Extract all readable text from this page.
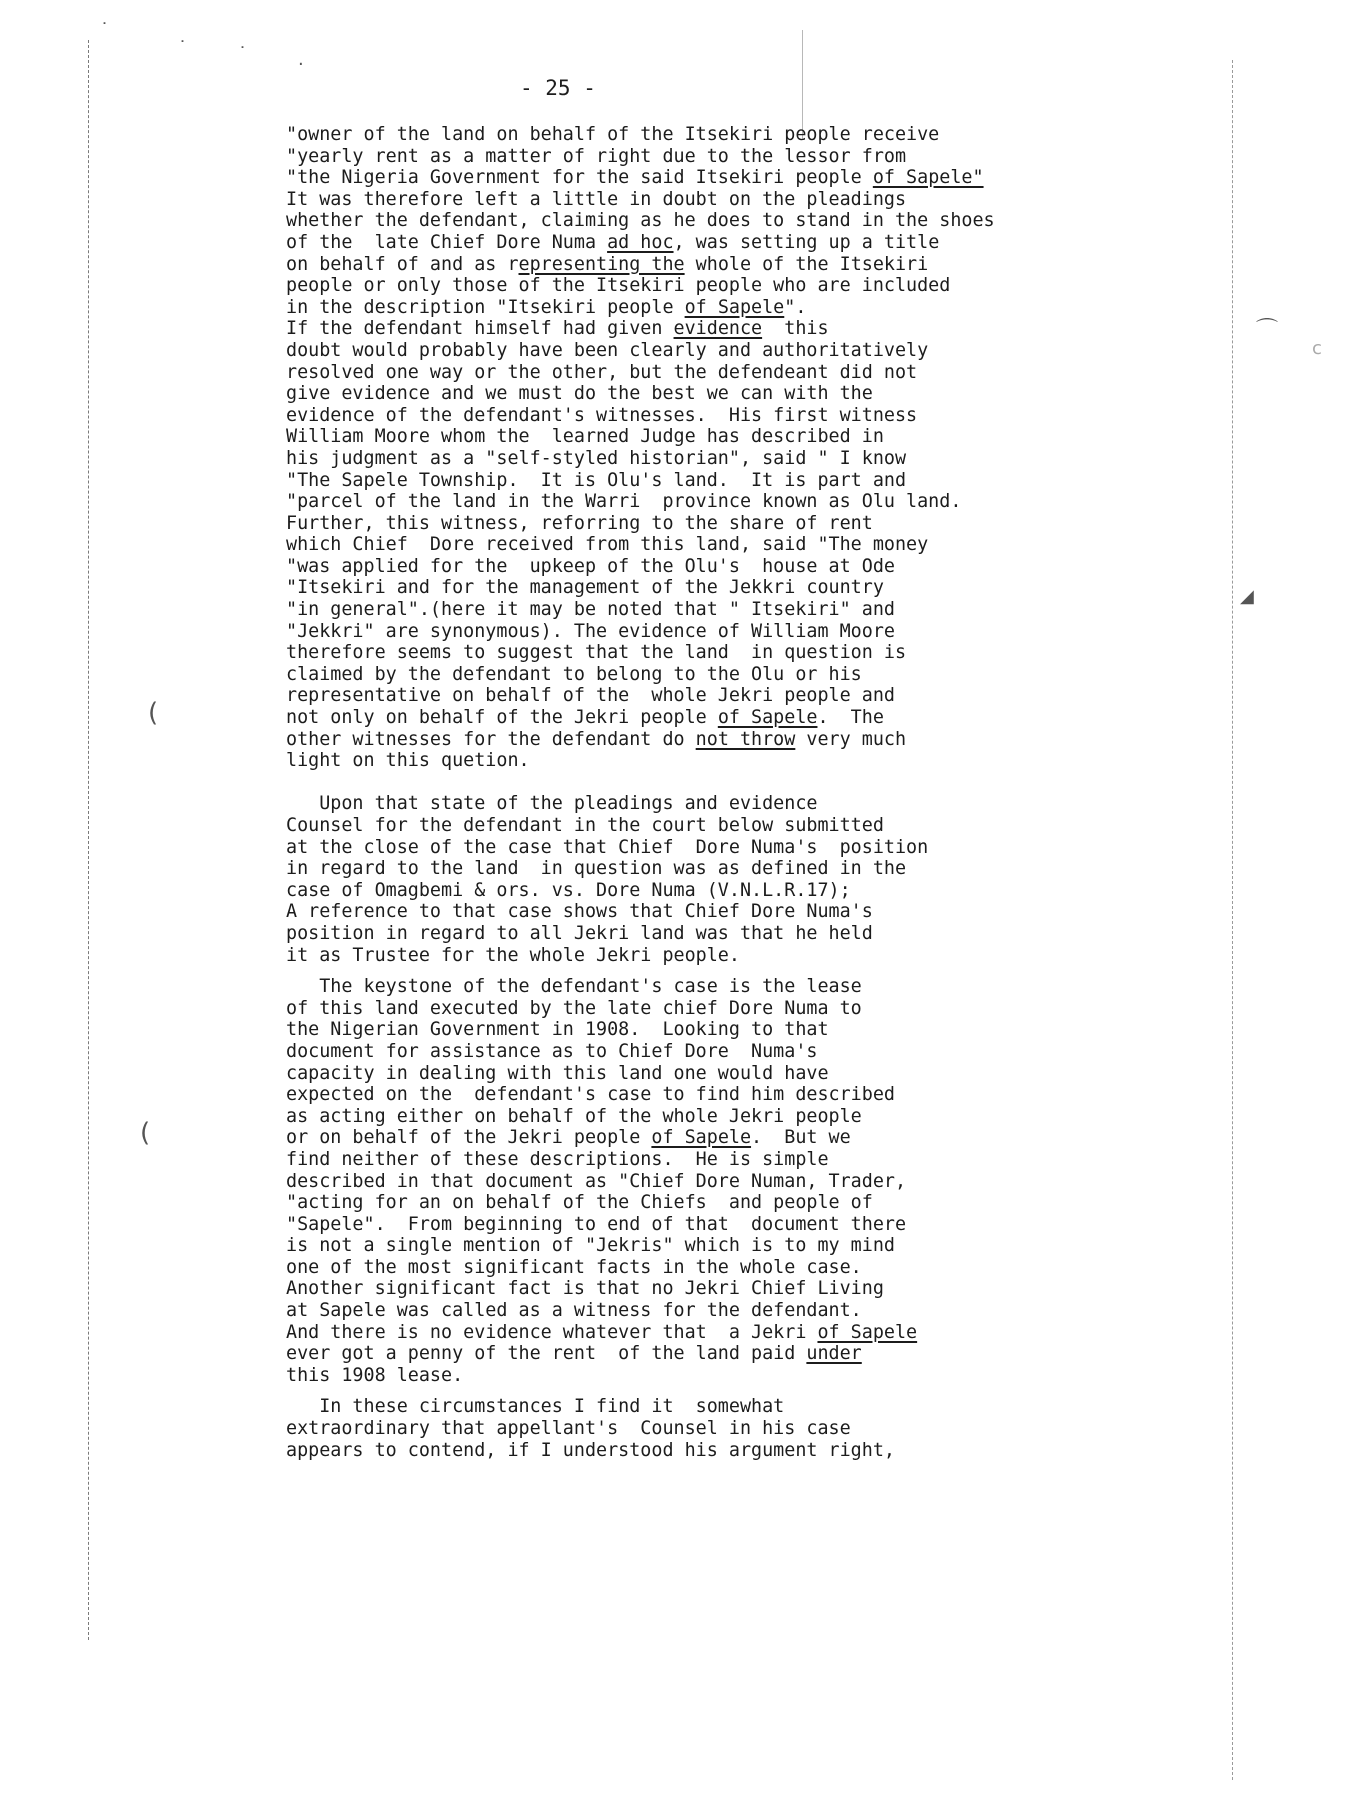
˙
˙	˙	·
(
(
⌒
◢
c
- 25 -
"owner of the land on behalf of the Itsekiri people receive
"yearly rent as a matter of right due to the lessor from
"the Nigeria Government for the said Itsekiri people of Sapele"
It was therefore left a little in doubt on the pleadings
whether the defendant, claiming as he does to stand in the shoes
of the  late Chief Dore Numa ad hoc, was setting up a title
on behalf of and as representing the whole of the Itsekiri
people or only those of the Itsekiri people who are included
in the description "Itsekiri people of Sapele".
If the defendant himself had given evidence  this
doubt would probably have been clearly and authoritatively
resolved one way or the other, but the defendeant did not
give evidence and we must do the best we can with the
evidence of the defendant's witnesses.  His first witness
William Moore whom the  learned Judge has described in
his judgment as a "self-styled historian", said " I know
"The Sapele Township.  It is Olu's land.  It is part and
"parcel of the land in the Warri  province known as Olu land.
Further, this witness, reforring to the share of rent
which Chief  Dore received from this land, said "The money
"was applied for the  upkeep of the Olu's  house at Ode
"Itsekiri and for the management of the Jekkri country
"in general".(here it may be noted that " Itsekiri" and
"Jekkri" are synonymous). The evidence of William Moore
therefore seems to suggest that the land  in question is
claimed by the defendant to belong to the Olu or his
representative on behalf of the  whole Jekri people and
not only on behalf of the Jekri people of Sapele.  The
other witnesses for the defendant do not throw very much
light on this quetion.
Upon that state of the pleadings and evidence
Counsel for the defendant in the court below submitted
at the close of the case that Chief  Dore Numa's  position
in regard to the land  in question was as defined in the
case of Omagbemi & ors. vs. Dore Numa (V.N.L.R.17);
A reference to that case shows that Chief Dore Numa's
position in regard to all Jekri land was that he held
it as Trustee for the whole Jekri people.
The keystone of the defendant's case is the lease
of this land executed by the late chief Dore Numa to
the Nigerian Government in 1908.  Looking to that
document for assistance as to Chief Dore  Numa's
capacity in dealing with this land one would have
expected on the  defendant's case to find him described
as acting either on behalf of the whole Jekri people
or on behalf of the Jekri people of Sapele.  But we
find neither of these descriptions.  He is simple
described in that document as "Chief Dore Numan, Trader,
"acting for an on behalf of the Chiefs  and people of
"Sapele".  From beginning to end of that  document there
is not a single mention of "Jekris" which is to my mind
one of the most significant facts in the whole case.
Another significant fact is that no Jekri Chief Living
at Sapele was called as a witness for the defendant.
And there is no evidence whatever that  a Jekri of Sapele
ever got a penny of the rent  of the land paid under
this 1908 lease.
In these circumstances I find it  somewhat
extraordinary that appellant's  Counsel in his case
appears to contend, if I understood his argument right,
